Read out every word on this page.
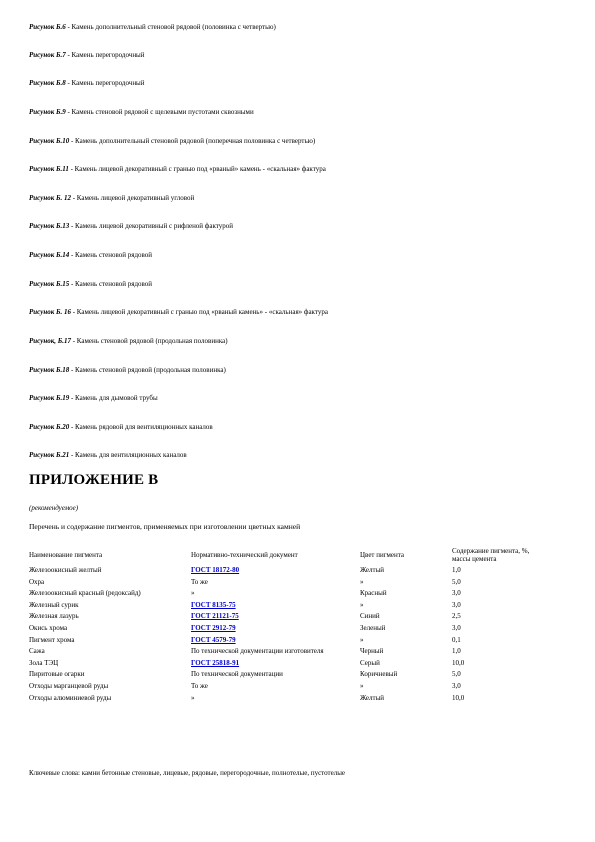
Рисунок Б.6 - Камень дополнительный стеновой рядовой (половинка с четвертью)
Рисунок Б.7 - Камень перегородочный
Рисунок Б.8 - Камень перегородочный
Рисунок Б.9 - Камень стеновой рядовой с щелевыми пустотами сквозными
Рисунок Б.10 - Камень дополнительный стеновой рядовой (поперечная половинка с четвертью)
Рисунок Б.11 - Камень лицевой декоративный с гранью под «рваный» камень - «скальная» фактура
Рисунок Б. 12 - Камень лицевой декоративный угловой
Рисунок Б.13 - Камень лицевой декоративный с рифленой фактурой
Рисунок Б.14 - Камень стеновой рядовой
Рисунок Б.15 - Камень стеновой рядовой
Рисунок Б. 16 - Камень лицевой декоративный с гранью под «рваный камень» - «скальная» фактура
Рисунок, Б.17 - Камень стеновой рядовой (продольная половинка)
Рисунок Б.18 - Камень стеновой рядовой (продольная половинка)
Рисунок Б.19 - Камень для дымовой трубы
Рисунок Б.20 - Камень рядовой для вентиляционных каналов
Рисунок Б.21 - Камень для вентиляционных каналов
ПРИЛОЖЕНИЕ В
(рекомендуемое)
Перечень и содержание пигментов, применяемых при изготовлении цветных камней
Наименование пигмента	Нормативно-технический документ	Цвет пигмента	Содержание пигмента, %, массы цемента
Железоокисный желтый	ГОСТ 18172-80	Желтый	1,0
Охра	То же	»	5,0
Железоокисный красный (редоксайд)	»	Красный	3,0
Железный сурик	ГОСТ 8135-75	»	3,0
Железная лазурь	ГОСТ 21121-75	Синий	2,5
Окись хрома	ГОСТ 2912-79	Зеленый	3,0
Пигмент хрома	ГОСТ 4579-79	»	0,1
Сажа	По технической документации изготовителя	Черный	1,0
Зола ТЭЦ	ГОСТ 25818-91	Серый	10,0
Пиритовые огарки	По технической документации	Коричневый	5,0
Отходы марганцевой руды	То же	»	3,0
Отходы алюминиевой руды	»	Желтый	10,0
Ключевые слова: камни бетонные стеновые, лицевые, рядовые, перегородочные, полнотелые, пустотелые
